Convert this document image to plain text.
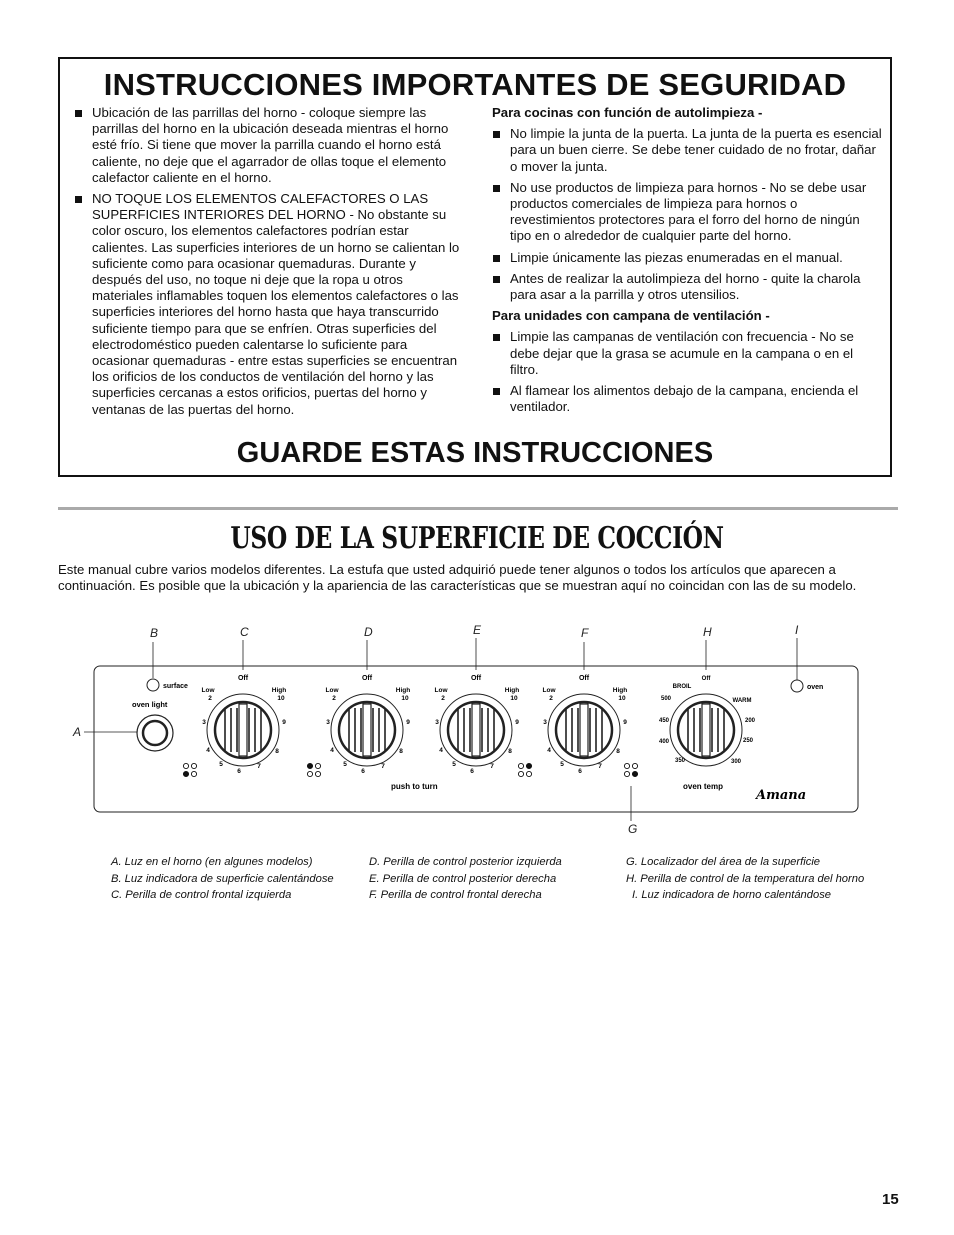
INSTRUCCIONES IMPORTANTES DE SEGURIDAD
Ubicación de las parrillas del horno - coloque siempre las parrillas del horno en la ubicación deseada mientras el horno esté frío. Si tiene que mover la parrilla cuando el horno está caliente, no deje que el agarrador de ollas toque el elemento calefactor caliente en el horno.
NO TOQUE LOS ELEMENTOS CALEFACTORES O LAS SUPERFICIES INTERIORES DEL HORNO - No obstante su color oscuro, los elementos calefactores podrían estar calientes. Las superficies interiores de un horno se calientan lo suficiente como para ocasionar quemaduras. Durante y después del uso, no toque ni deje que la ropa u otros materiales inflamables toquen los elementos calefactores o las superficies interiores del horno hasta que haya transcurrido suficiente tiempo para que se enfríen. Otras superficies del electrodoméstico pueden calentarse lo suficiente para ocasionar quemaduras - entre estas superficies se encuentran los orificios de los conductos de ventilación del horno y las superficies cercanas a estos orificios, puertas del horno y ventanas de las puertas del horno.

Para cocinas con función de autolimpieza -

No limpie la junta de la puerta. La junta de la puerta es esencial para un buen cierre. Se debe tener cuidado de no frotar, dañar o mover la junta.
No use productos de limpieza para hornos - No se debe usar productos comerciales de limpieza para hornos o revestimientos protectores para el forro del horno de ningún tipo en o alrededor de cualquier parte del horno.
Limpie únicamente las piezas enumeradas en el manual.
Antes de realizar la autolimpieza del horno - quite la charola para asar a la parrilla y otros utensilios.

Para unidades con campana de ventilación -

Limpie las campanas de ventilación con frecuencia - No se debe dejar que la grasa se acumule en la campana o en el filtro.
Al flamear los alimentos debajo de la campana, encienda el ventilador.
GUARDE ESTAS INSTRUCCIONES
USO DE LA SUPERFICIE DE COCCIÓN

Este manual cubre varios modelos diferentes. La estufa que usted adquirió puede tener algunos o todos los artículos que aparecen a continuación. Es posible que la ubicación y la apariencia de las características que se muestran aquí no coincidan con las de su modelo.

A
B	C	D	E	F
G
H	I
surface
oven light
oven
Off
Low	High
2
3
4
5
6
7
8
9
10
Off
Low	High
2
3
4
5
6
7
8
9
10
Off
Low	High
2
3
4
5
6
7
8
9
10
Off
Low	High
2
3
4
5
6
7
8
9
10
BROIL
Off
WARM
500
450
400
350	300
250
200
push to turn	oven temp
Amana
A. Luz en el horno (en algunes modelos)
B. Luz indicadora de superficie calentándose
C. Perilla de control frontal izquierda
D. Perilla de control posterior izquierda
E. Perilla de control posterior derecha
F. Perilla de control frontal derecha
G. Localizador del área de la superficie
H. Perilla de control de la temperatura del horno
I. Luz indicadora de horno calentándose
15
